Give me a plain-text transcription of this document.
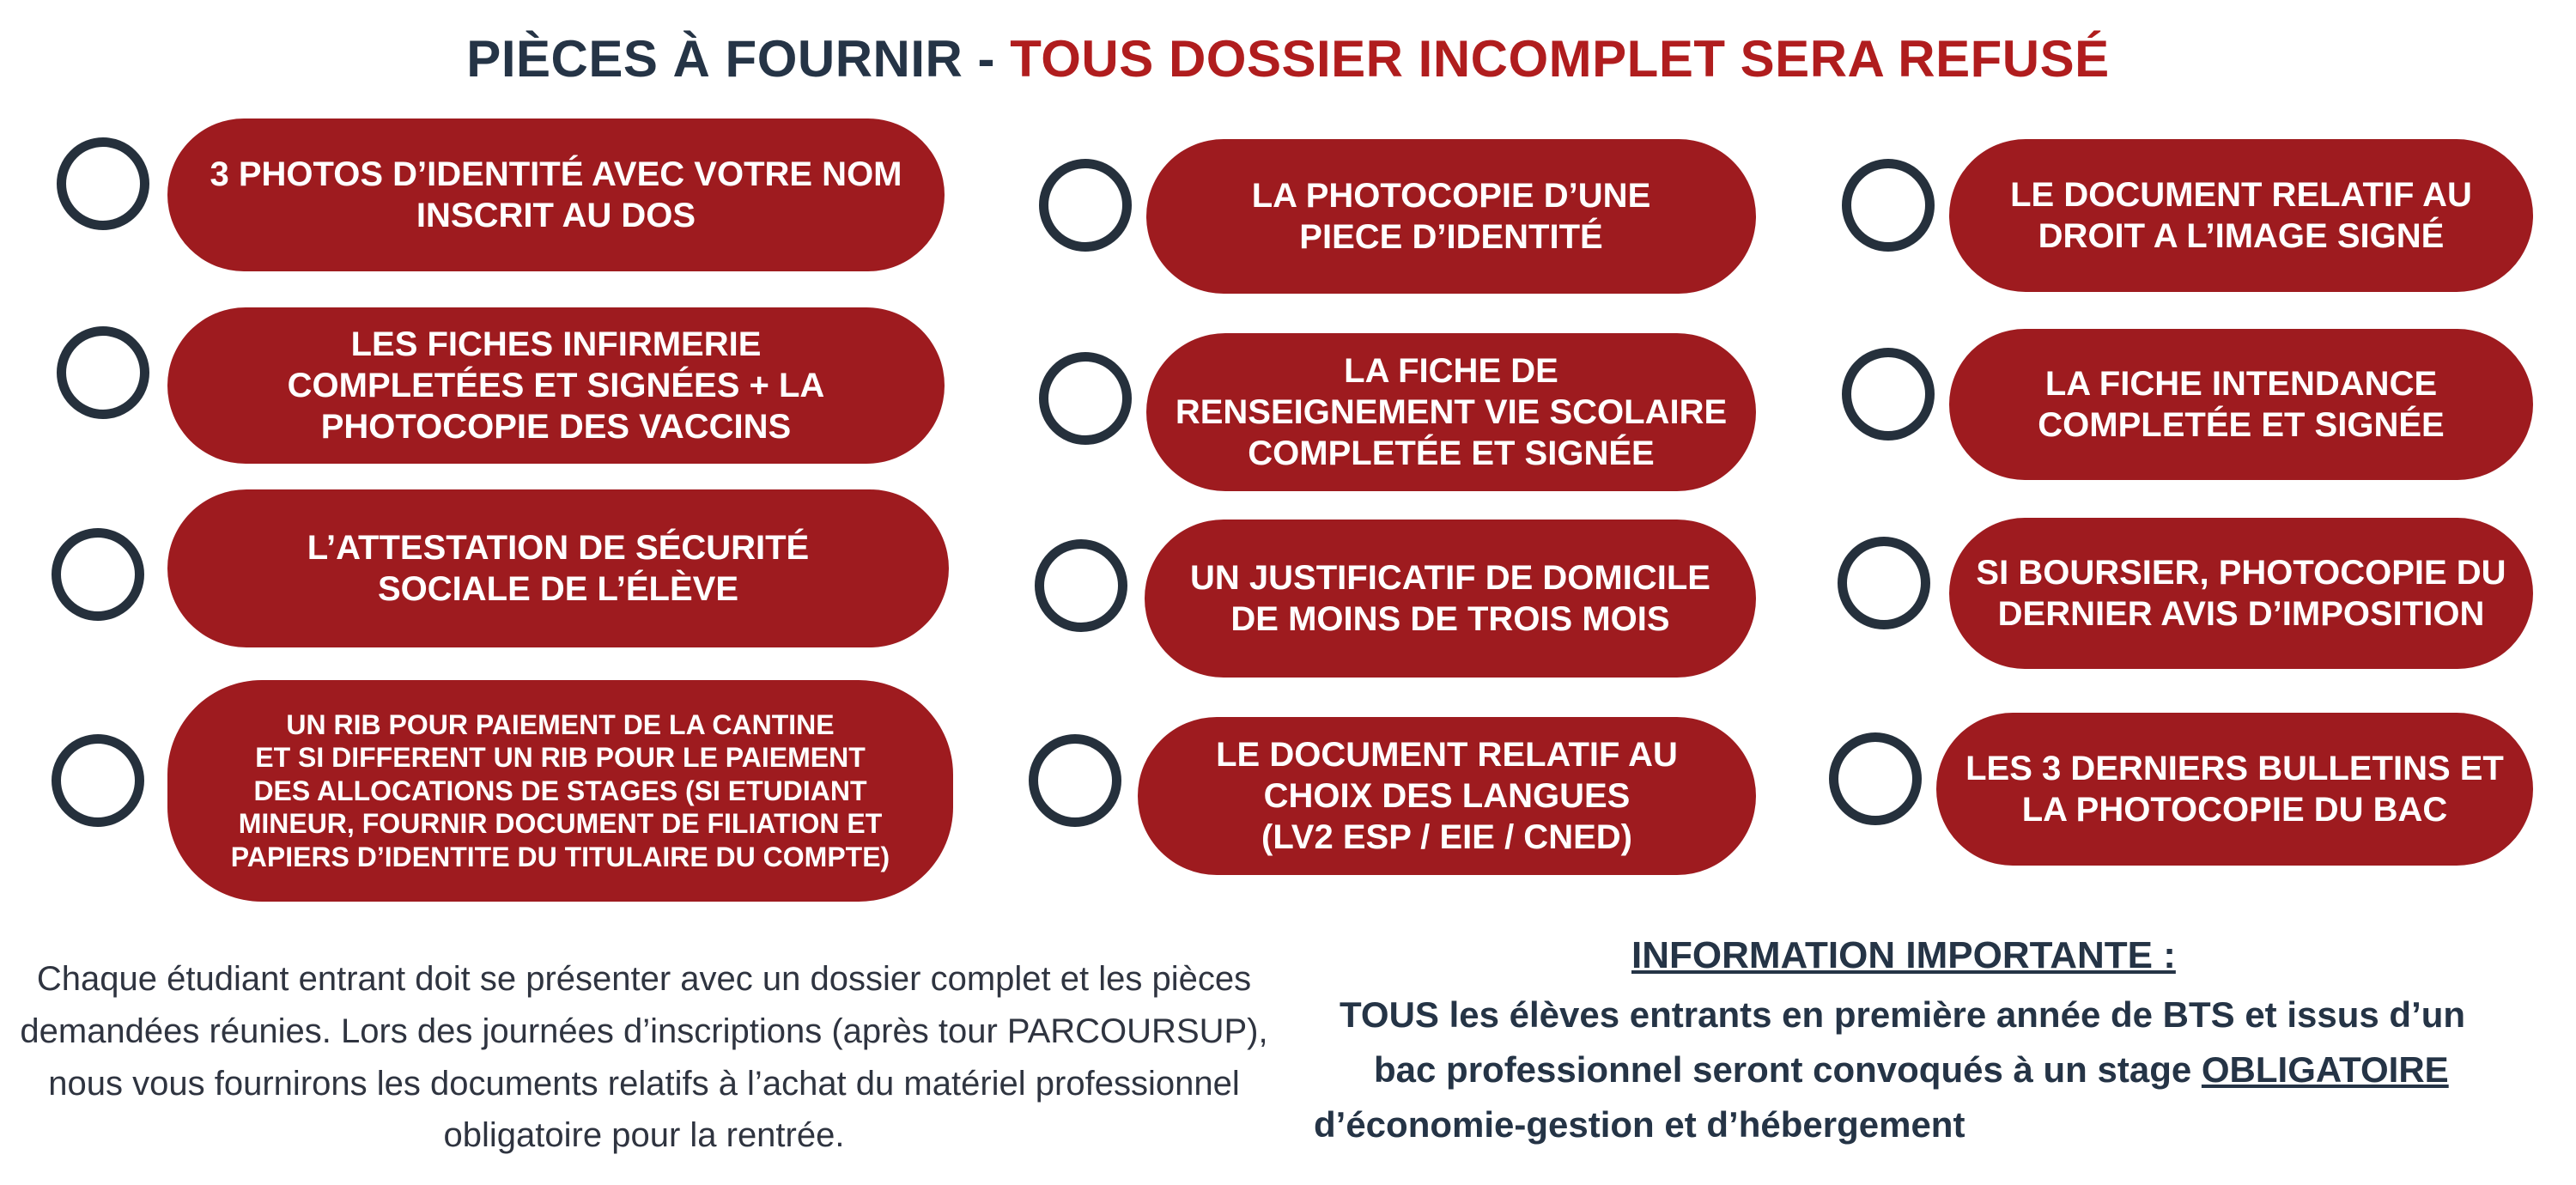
PIÈCES À FOURNIR - TOUS DOSSIER INCOMPLET SERA REFUSÉ
3 PHOTOS D’IDENTITÉ AVEC VOTRE NOM
INSCRIT AU DOS
LES FICHES INFIRMERIE
COMPLETÉES ET SIGNÉES + LA
PHOTOCOPIE DES VACCINS
L’ATTESTATION DE SÉCURITÉ
SOCIALE DE L’ÉLÈVE
UN RIB POUR PAIEMENT DE LA CANTINE
ET SI DIFFERENT UN RIB POUR LE PAIEMENT
DES ALLOCATIONS DE STAGES (SI ETUDIANT
MINEUR, FOURNIR DOCUMENT DE FILIATION ET
PAPIERS D’IDENTITE DU TITULAIRE DU COMPTE)
LA PHOTOCOPIE D’UNE
PIECE D’IDENTITÉ
LA FICHE DE
RENSEIGNEMENT VIE SCOLAIRE
COMPLETÉE ET SIGNÉE
UN JUSTIFICATIF DE DOMICILE
DE MOINS DE TROIS MOIS
LE DOCUMENT RELATIF AU
CHOIX DES LANGUES
(LV2 ESP / EIE / CNED)
LE DOCUMENT RELATIF AU
DROIT A L’IMAGE SIGNÉ
LA FICHE INTENDANCE
COMPLETÉE ET SIGNÉE
SI BOURSIER, PHOTOCOPIE DU
DERNIER AVIS D’IMPOSITION
LES 3 DERNIERS BULLETINS ET
LA PHOTOCOPIE DU BAC
Chaque étudiant entrant doit se présenter avec un dossier complet et les pièces demandées réunies. Lors des journées d’inscriptions (après tour PARCOURSUP), nous vous fournirons les documents relatifs à l’achat du matériel professionnel obligatoire pour la rentrée.
INFORMATION IMPORTANTE :
TOUS les élèves entrants en première année de BTS et issus d’un
bac professionnel seront convoqués à un stage OBLIGATOIRE
d’économie-gestion et d’hébergement
